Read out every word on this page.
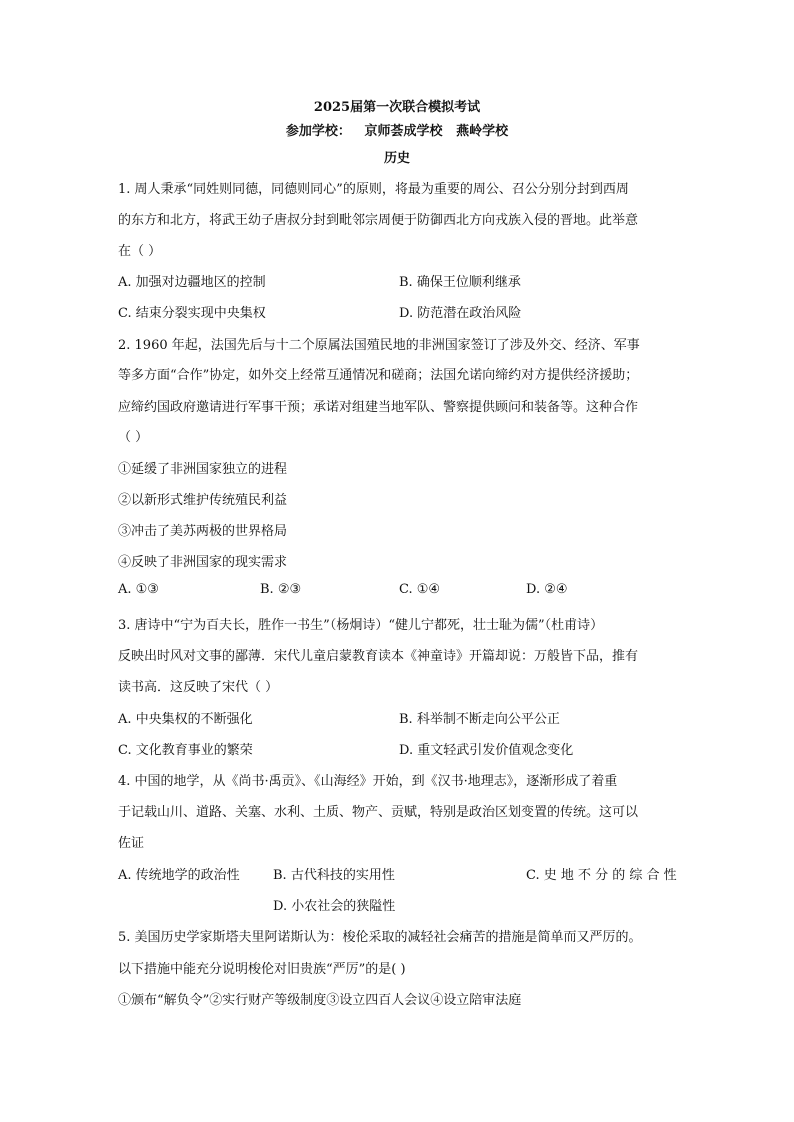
2025届第一次联合模拟考试
参加学校：   京师荟成学校   燕岭学校
历史
1. 周人秉承“同姓则同德，同德则同心”的原则，将最为重要的周公、召公分别分封到西周
的东方和北方，将武王幼子唐叔分封到毗邻宗周便于防御西北方向戎族入侵的晋地。此举意
在（ ）
A. 加强对边疆地区的控制	B. 确保王位顺利继承
C. 结束分裂实现中央集权	D. 防范潜在政治风险
2. 1960 年起，法国先后与十二个原属法国殖民地的非洲国家签订了涉及外交、经济、军事
等多方面“合作”协定，如外交上经常互通情况和磋商；法国允诺向缔约对方提供经济援助；
应缔约国政府邀请进行军事干预；承诺对组建当地军队、警察提供顾问和装备等。这种合作
（ ）
①延缓了非洲国家独立的进程
②以新形式维护传统殖民利益
③冲击了美苏两极的世界格局
④反映了非洲国家的现实需求
A. ①③	B. ②③	C. ①④	D. ②④
3. 唐诗中“宁为百夫长，胜作一书生”（杨炯诗）“健儿宁都死，壮士耻为儒”（杜甫诗）
反映出时风对文事的鄙薄．宋代儿童启蒙教育读本《神童诗》开篇却说：万般皆下品，推有
读书高．这反映了宋代（ ）
A. 中央集权的不断强化	B. 科举制不断走向公平公正
C. 文化教育事业的繁荣	D. 重文轻武引发价值观念变化
4. 中国的地学，从《尚书·禹贡》、《山海经》开始，到《汉书·地理志》，逐渐形成了着重
于记载山川、道路、关塞、水利、土质、物产、贡赋，特别是政治区划变置的传统。这可以
佐证
A. 传统地学的政治性	B. 古代科技的实用性	C. 史 地 不 分 的 综 合 性
D. 小农社会的狭隘性
5. 美国历史学家斯塔夫里阿诺斯认为：梭伦采取的减轻社会痛苦的措施是简单而又严厉的。
以下措施中能充分说明梭伦对旧贵族“严厉”的是( )
①颁布“解负令”②实行财产等级制度③设立四百人会议④设立陪审法庭
